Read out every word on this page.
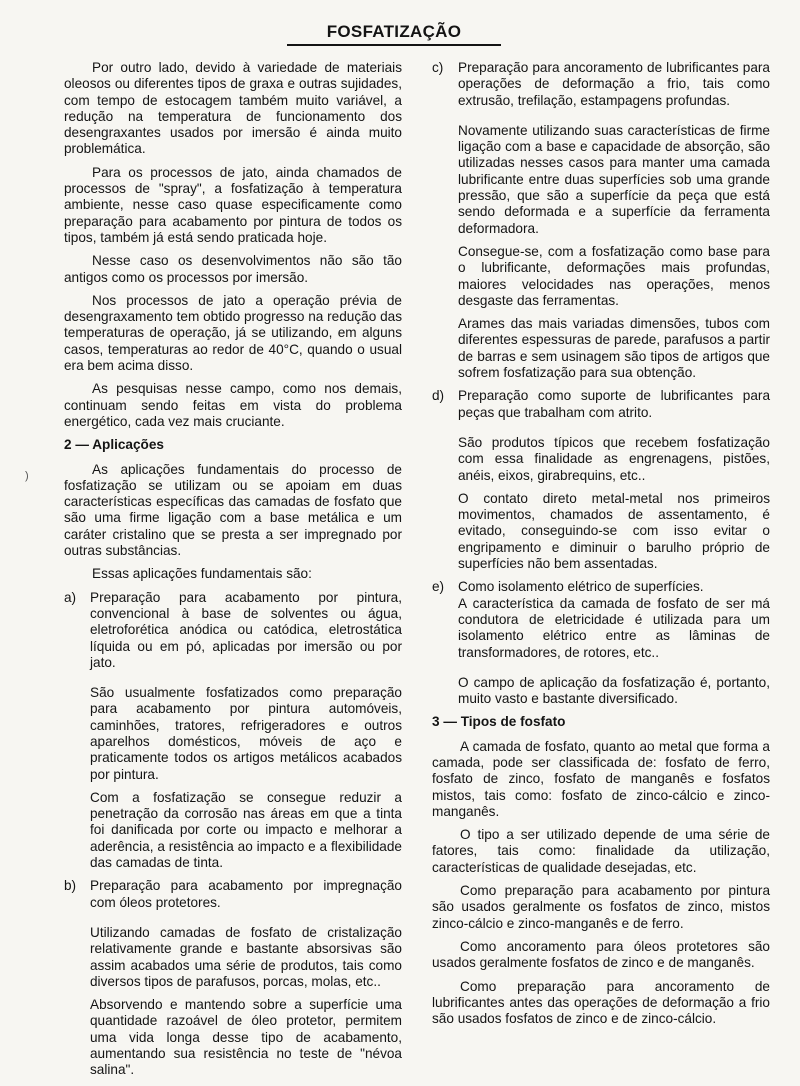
FOSFATIZAÇÃO
)

Por outro lado, devido à variedade de materiais oleosos ou diferentes tipos de graxa e outras sujidades, com tempo de estocagem também muito variável, a redução na temperatura de funcionamento dos desengraxantes usados por imersão é ainda muito problemática.

Para os processos de jato, ainda chamados de processos de "spray", a fosfatização à temperatura ambiente, nesse caso quase especificamente como preparação para acabamento por pintura de todos os tipos, também já está sendo praticada hoje.

Nesse caso os desenvolvimentos não são tão antigos como os processos por imersão.

Nos processos de jato a operação prévia de desengraxamento tem obtido progresso na redução das temperaturas de operação, já se utilizando, em alguns casos, temperaturas ao redor de 40°C, quando o usual era bem acima disso.

As pesquisas nesse campo, como nos demais, continuam sendo feitas em vista do problema energético, cada vez mais cruciante.

2 — Aplicações

As aplicações fundamentais do processo de fosfatização se utilizam ou se apoiam em duas características específicas das camadas de fosfato que são uma firme ligação com a base metálica e um caráter cristalino que se presta a ser impregnado por outras substâncias.

Essas aplicações fundamentais são:

a)	Preparação para acabamento por pintura, convencional à base de solventes ou água, eletroforética anódica ou catódica, eletrostática líquida ou em pó, aplicadas por imersão ou por jato.

São usualmente fosfatizados como preparação para acabamento por pintura automóveis, caminhões, tratores, refrigeradores e outros aparelhos domésticos, móveis de aço e praticamente todos os artigos metálicos acabados por pintura.

Com a fosfatização se consegue reduzir a penetração da corrosão nas áreas em que a tinta foi danificada por corte ou impacto e melhorar a aderência, a resistência ao impacto e a flexibilidade das camadas de tinta.

b)	Preparação para acabamento por impregnação com óleos protetores.

Utilizando camadas de fosfato de cristalização relativamente grande e bastante absorsivas são assim acabados uma série de produtos, tais como diversos tipos de parafusos, porcas, molas, etc..

Absorvendo e mantendo sobre a superfície uma quantidade razoável de óleo protetor, permitem uma vida longa desse tipo de acabamento, aumentando sua resistência no teste de "névoa salina".

c)	Preparação para ancoramento de lubrificantes para operações de deformação a frio, tais como extrusão, trefilação, estampagens profundas.

Novamente utilizando suas características de firme ligação com a base e capacidade de absorção, são utilizadas nesses casos para manter uma camada lubrificante entre duas superfícies sob uma grande pressão, que são a superfície da peça que está sendo deformada e a superfície da ferramenta deformadora.

Consegue-se, com a fosfatização como base para o lubrificante, deformações mais profundas, maiores velocidades nas operações, menos desgaste das ferramentas.

Arames das mais variadas dimensões, tubos com diferentes espessuras de parede, parafusos a partir de barras e sem usinagem são tipos de artigos que sofrem fosfatização para sua obtenção.

d)	Preparação como suporte de lubrificantes para peças que trabalham com atrito.

São produtos típicos que recebem fosfatização com essa finalidade as engrenagens, pistões, anéis, eixos, girabrequins, etc..

O contato direto metal-metal nos primeiros movimentos, chamados de assentamento, é evitado, conseguindo-se com isso evitar o engripamento e diminuir o barulho próprio de superfícies não bem assentadas.

e)	Como isolamento elétrico de superfícies.

A característica da camada de fosfato de ser má condutora de eletricidade é utilizada para um isolamento elétrico entre as lâminas de transformadores, de rotores, etc..

O campo de aplicação da fosfatização é, portanto, muito vasto e bastante diversificado.

3 — Tipos de fosfato

A camada de fosfato, quanto ao metal que forma a camada, pode ser classificada de: fosfato de ferro, fosfato de zinco, fosfato de manganês e fosfatos mistos, tais como: fosfato de zinco-cálcio e zinco-manganês.

O tipo a ser utilizado depende de uma série de fatores, tais como: finalidade da utilização, características de qualidade desejadas, etc.

Como preparação para acabamento por pintura são usados geralmente os fosfatos de zinco, mistos zinco-cálcio e zinco-manganês e de ferro.

Como ancoramento para óleos protetores são usados geralmente fosfatos de zinco e de manganês.

Como preparação para ancoramento de lubrificantes antes das operações de deformação a frio são usados fosfatos de zinco e de zinco-cálcio.
